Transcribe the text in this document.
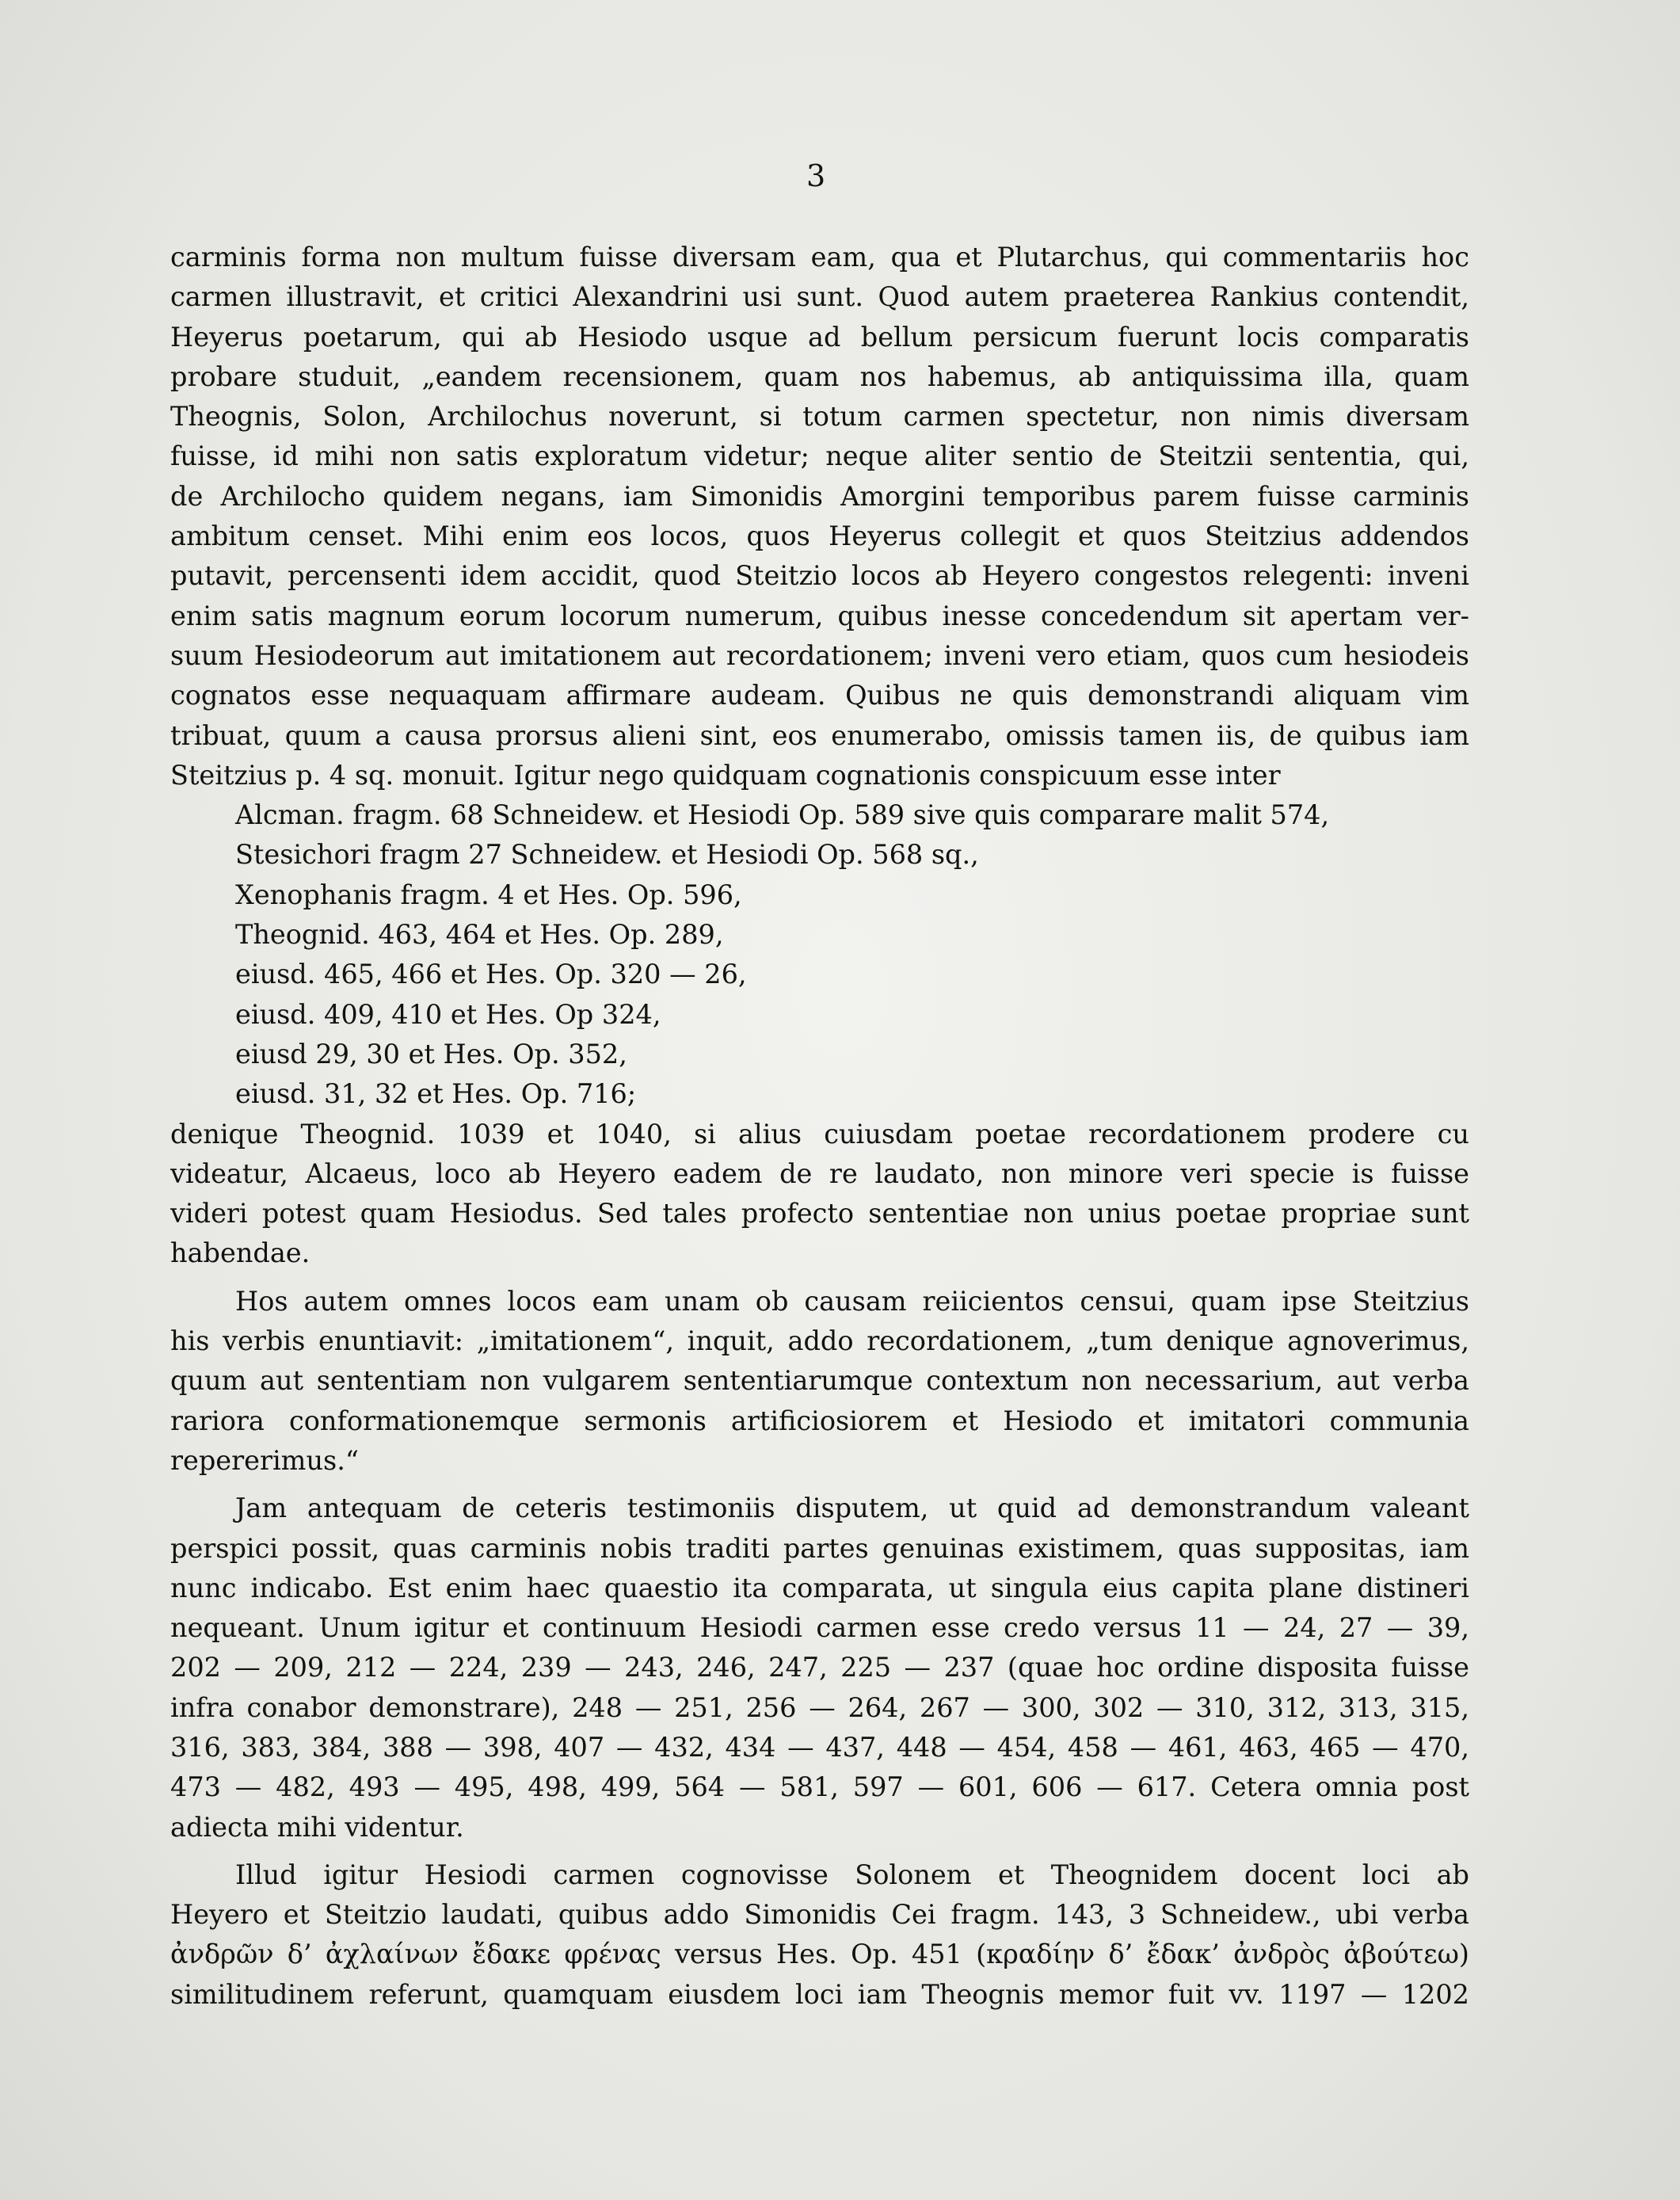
3
carminis forma non multum fuisse diversam eam, qua et Plutarchus, qui commentariis hoc
carmen illustravit, et critici Alexandrini usi sunt. Quod autem praeterea Rankius contendit,
Heyerus poetarum, qui ab Hesiodo usque ad bellum persicum fuerunt locis comparatis
probare studuit, „eandem recensionem, quam nos habemus, ab antiquissima illa, quam
Theognis, Solon, Archilochus noverunt, si totum carmen spectetur, non nimis diversam
fuisse, id mihi non satis exploratum videtur; neque aliter sentio de Steitzii sententia, qui,
de Archilocho quidem negans, iam Simonidis Amorgini temporibus parem fuisse carminis
ambitum censet. Mihi enim eos locos, quos Heyerus collegit et quos Steitzius addendos
putavit, percensenti idem accidit, quod Steitzio locos ab Heyero congestos relegenti: inveni
enim satis magnum eorum locorum numerum, quibus inesse concedendum sit apertam ver-
suum Hesiodeorum aut imitationem aut recordationem; inveni vero etiam, quos cum hesiodeis
cognatos esse nequaquam affirmare audeam. Quibus ne quis demonstrandi aliquam vim
tribuat, quum a causa prorsus alieni sint, eos enumerabo, omissis tamen iis, de quibus iam
Steitzius p. 4 sq. monuit. Igitur nego quidquam cognationis conspicuum esse inter
Alcman. fragm. 68 Schneidew. et Hesiodi Op. 589 sive quis comparare malit 574,
Stesichori fragm 27 Schneidew. et Hesiodi Op. 568 sq.,
Xenophanis fragm. 4 et Hes. Op. 596,
Theognid. 463, 464 et Hes. Op. 289,
eiusd. 465, 466 et Hes. Op. 320 — 26,
eiusd. 409, 410 et Hes. Op 324,
eiusd 29, 30 et Hes. Op. 352,
eiusd. 31, 32 et Hes. Op. 716;
denique Theognid. 1039 et 1040, si alius cuiusdam poetae recordationem prodere cu
videatur, Alcaeus, loco ab Heyero eadem de re laudato, non minore veri specie is fuisse
videri potest quam Hesiodus. Sed tales profecto sententiae non unius poetae propriae sunt
habendae.
Hos autem omnes locos eam unam ob causam reiicientos censui, quam ipse Steitzius
his verbis enuntiavit: „imitationem“, inquit, addo recordationem, „tum denique agnoverimus,
quum aut sententiam non vulgarem sententiarumque contextum non necessarium, aut verba
rariora conformationemque sermonis artificiosiorem et Hesiodo et imitatori communia
repererimus.“
Jam antequam de ceteris testimoniis disputem, ut quid ad demonstrandum valeant
perspici possit, quas carminis nobis traditi partes genuinas existimem, quas suppositas, iam
nunc indicabo. Est enim haec quaestio ita comparata, ut singula eius capita plane distineri
nequeant. Unum igitur et continuum Hesiodi carmen esse credo versus 11 — 24, 27 — 39,
202 — 209, 212 — 224, 239 — 243, 246, 247, 225 — 237 (quae hoc ordine disposita fuisse
infra conabor demonstrare), 248 — 251, 256 — 264, 267 — 300, 302 — 310, 312, 313, 315,
316, 383, 384, 388 — 398, 407 — 432, 434 — 437, 448 — 454, 458 — 461, 463, 465 — 470,
473 — 482, 493 — 495, 498, 499, 564 — 581, 597 — 601, 606 — 617. Cetera omnia post
adiecta mihi videntur.
Illud igitur Hesiodi carmen cognovisse Solonem et Theognidem docent loci ab
Heyero et Steitzio laudati, quibus addo Simonidis Cei fragm. 143, 3 Schneidew., ubi verba
ἀνδρῶν δ’ ἀχλαίνων ἔδακε φρένας versus Hes. Op. 451 (κραδίην δ’ ἔδακ’ ἀνδρὸς ἀβούτεω)
similitudinem referunt, quamquam eiusdem loci iam Theognis memor fuit vv. 1197 — 1202
